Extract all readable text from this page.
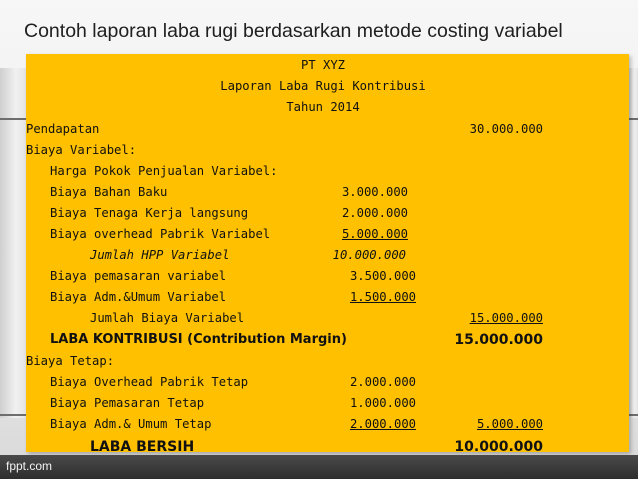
Contoh laporan laba rugi berdasarkan metode costing variabel
PT XYZ
Laporan Laba Rugi Kontribusi
Tahun 2014
Pendapatan	30.000.000
Biaya Variabel:
Harga Pokok Penjualan Variabel:
Biaya Bahan Baku	3.000.000
Biaya Tenaga Kerja langsung	2.000.000
Biaya overhead Pabrik Variabel	5.000.000
Jumlah HPP Variabel	10.000.000
Biaya pemasaran variabel	3.500.000
Biaya Adm.&Umum Variabel	1.500.000
Jumlah Biaya Variabel	15.000.000
LABA KONTRIBUSI (Contribution Margin)	15.000.000
Biaya Tetap:
Biaya Overhead Pabrik Tetap	2.000.000
Biaya Pemasaran Tetap	1.000.000
Biaya Adm.& Umum Tetap	2.000.000	5.000.000
LABA BERSIH	10.000.000
fppt.com
